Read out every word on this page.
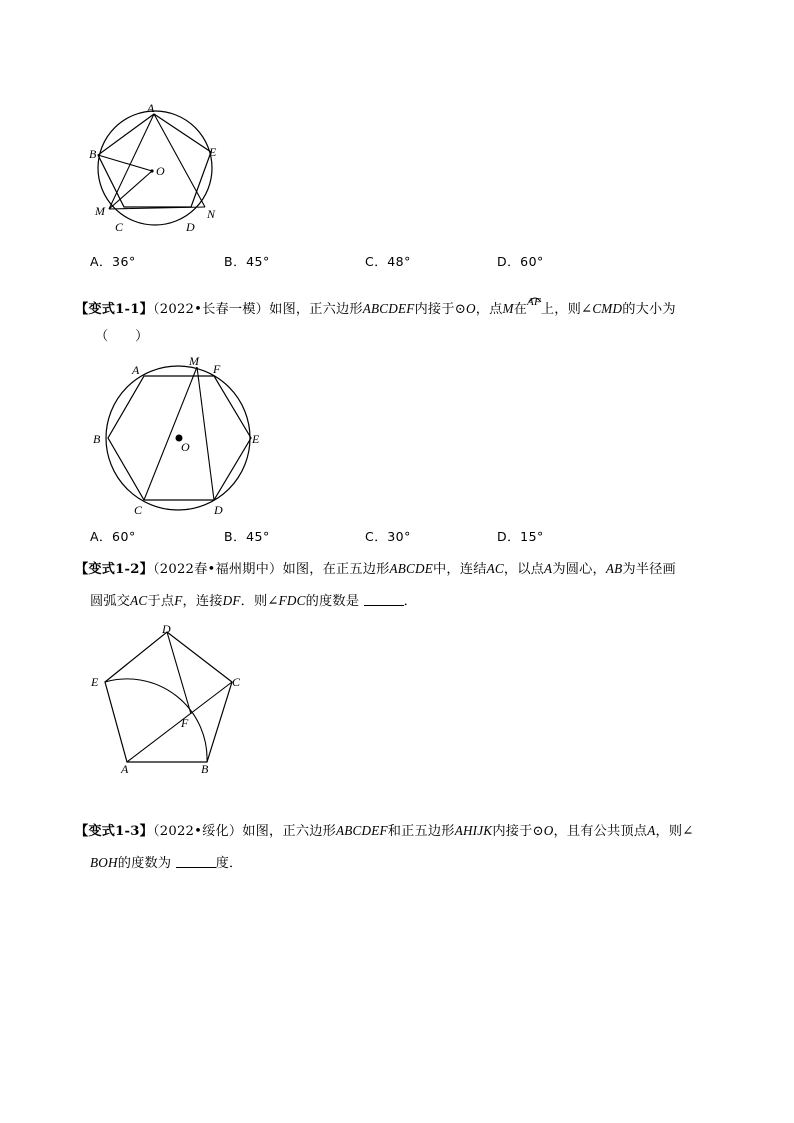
A
B	E
O
M	N
C	D
A．36°	B．45°	C．48°	D．60°
【变式1-1】（2022•长春一模）如图，正六边形ABCDEF内接于⊙O，点M在
$^{AF}$上，则∠CMD的大小为
（　　）
A
M
F
B
O
E
C	D
A．60°	B．45°	C．30°	D．15°
【变式1-2】（2022春•福州期中）如图，在正五边形ABCDE中，连结AC，以点A为圆心，AB为半径画
圆弧交AC于点F，连接DF．则∠FDC的度数是	．
D
E	C
F
A	B
【变式1-3】（2022•绥化）如图，正六边形ABCDEF和正五边形AHIJK内接于⊙O，且有公共顶点A，则∠
BOH的度数为	度．
